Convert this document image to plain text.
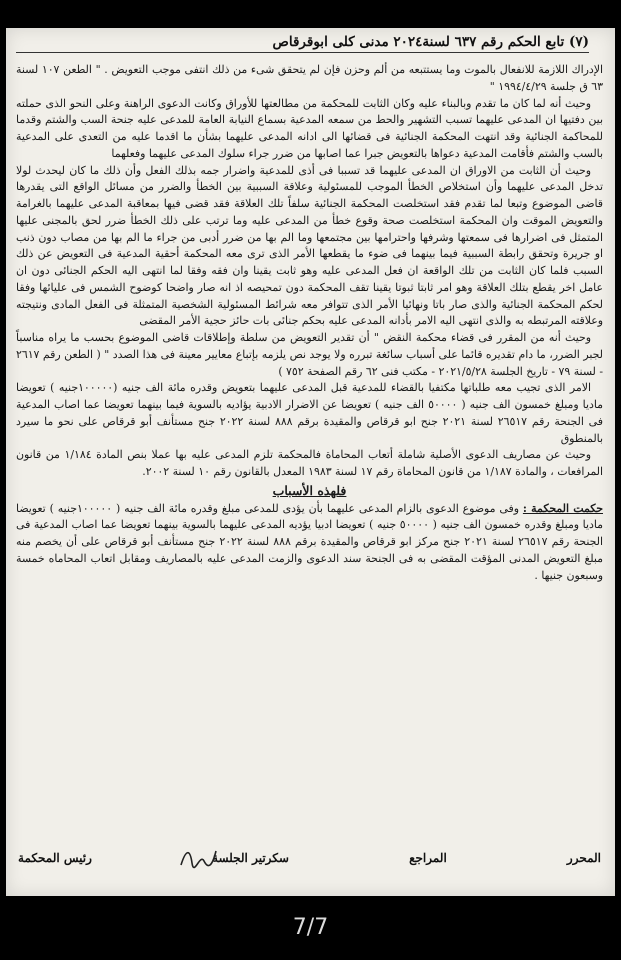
(٧) تابع الحكم رقم ٦٣٧ لسنة٢٠٢٤ مدنى كلى ابوقرقاص

الإدراك اللازمة للانفعال بالموت وما يستتبعه من ألم وحزن فإن لم يتحقق شىء من ذلك انتفى موجب التعويض . " الطعن ١٠٧ لسنة ٦٣ ق جلسة ١٩٩٤/٤/٢٩ "

وحيث أنه لما كان ما تقدم وبالبناء عليه وكان الثابت للمحكمة من مطالعتها للأوراق وكانت الدعوى الراهنة وعلى النحو الذى حملته بين دفتيها ان المدعى عليهما تسبب التشهير والحط من سمعه المدعية بسماع النيابة العامة للمدعى عليه جنحة السب والشتم وقدما للمحاكمة الجنائية وقد انتهت المحكمة الجنائية فى قضائها الى ادانه المدعى عليهما بشأن ما اقدما عليه من التعدى على المدعية بالسب والشتم فأقامت المدعية دعواها بالتعويض جبرا عما اصابها من ضرر جراء سلوك المدعى عليهما وفعلهما

وحيث أن الثابت من الاوراق ان المدعى عليهما قد تسببا فى أذى للمدعية واضرار جمه بذلك الفعل وأن ذلك ما كان ليحدث لولا تدخل المدعى عليهما وأن استخلاص الخطأ الموجب للمسئولية وعلاقة السببية بين الخطأ والضرر من مسائل الواقع التى يقدرها قاضى الموضوع وتبعا لما تقدم فقد استخلصت المحكمة الجنائية سلفاً تلك العلاقة فقد قضى فيها بمعاقبة المدعى عليهما بالغرامة والتعويض الموقت وان المحكمة استخلصت صحة وقوع خطأ من المدعى عليه وما ترتب على ذلك الخطأ ضرر لحق بالمجنى عليها المتمثل فى اضرارها فى سمعتها وشرفها واحترامها بين مجتمعها وما الم بها من ضرر أدبى من جراء ما الم بها من مصاب دون ذنب او جريرة وتحقق رابطة السببية فيما بينهما فى ضوء ما يقطعها الأمر الذى ترى معه المحكمة أحقية المدعية فى التعويض عن ذلك السبب فلما كان الثابت من تلك الواقعة ان فعل المدعى عليه وهو ثابت يقينا وان فقه وفقا لما انتهى اليه الحكم الجنائى دون ان عامل اخر يقطع بتلك العلاقة وهو امر ثابتا ثبوتا يقينا تقف المحكمة دون تمحيصه اذ انه صار واضحا كوضوح الشمس فى عليائها وفقا لحكم المحكمة الجنائية والذى صار باتا ونهائيا الأمر الذى تتوافر معه شرائط المسئولية الشخصية المتمثلة فى الفعل المادى ونتيجته وعلاقته المرتبطه به والذى انتهى اليه الامر بأدانه المدعى عليه بحكم جنائى بات حائز حجية الأمر المقضى

وحيث أنه من المقرر فى قضاء محكمة النقض " أن تقدير التعويض من سلطة وإطلاقات قاضى الموضوع بحسب ما يراه مناسباً لجبر الضرر، ما دام تقديره قائما على أسباب سائغة تبرره ولا يوجد نص يلزمه بإتباع معايير معينة فى هذا الصدد " ( الطعن رقم ٢٦١٧ - لسنة ٧٩ - تاريخ الجلسة ٢٠٢١/٥/٢٨ - مكتب فنى ٦٢ رقم الصفحة ٧٥٢ )

الامر الذى تجيب معه طلباتها مكتفيا بالقضاء للمدعية قبل المدعى عليهما بتعويض وقدره مائة الف جنيه (١٠٠٠٠٠جنيه ) تعويضا ماديا ومبلغ خمسون الف جنيه ( ٥٠٠٠٠ الف جنيه ) تعويضا عن الاضرار الادبية يؤاديه بالسوية فيما بينهما تعويضا عما اصاب المدعية فى الجنحة رقم ٢٦٥١٧ لسنة ٢٠٢١ جنح ابو قرقاص والمقيدة برقم ٨٨٨ لسنة ٢٠٢٢ جنح مستأنف أبو قرقاص على نحو ما سيرد بالمنطوق

وحيث عن مصاريف الدعوى الأصلية شاملة أتعاب المحاماة فالمحكمة تلزم المدعى عليه بها عملا بنص المادة ١/١٨٤ من قانون المرافعات ، والمادة ١/١٨٧ من قانون المحاماة رقم ١٧ لسنة ١٩٨٣ المعدل بالقانون رقم ١٠ لسنة ٢٠٠٢.

فلهذه الأسباب

حكمت المحكمة : وفى موضوع الدعوى بالزام المدعى عليهما بأن يؤدى للمدعى مبلغ وقدره مائة الف جنيه ( ١٠٠٠٠٠جنيه ) تعويضا ماديا ومبلغ وقدره خمسون الف جنيه ( ٥٠٠٠٠ جنيه ) تعويضا ادبيا يؤديه المدعى عليهما بالسوية بينهما تعويضا عما اصاب المدعية فى الجنحة رقم ٢٦٥١٧ لسنة ٢٠٢١ جنح مركز ابو قرقاص والمقيدة برقم ٨٨٨ لسنة ٢٠٢٢ جنح مستأنف أبو قرقاص على أن يخصم منه مبلغ التعويض المدنى المؤقت المقضى به فى الجنحة سند الدعوى والزمت المدعى عليه بالمصاريف ومقابل اتعاب المحاماه خمسة وسبعون جنيها .

المحرر
المراجع
سكرتير الجلسة
رئيس المحكمة
7/7
